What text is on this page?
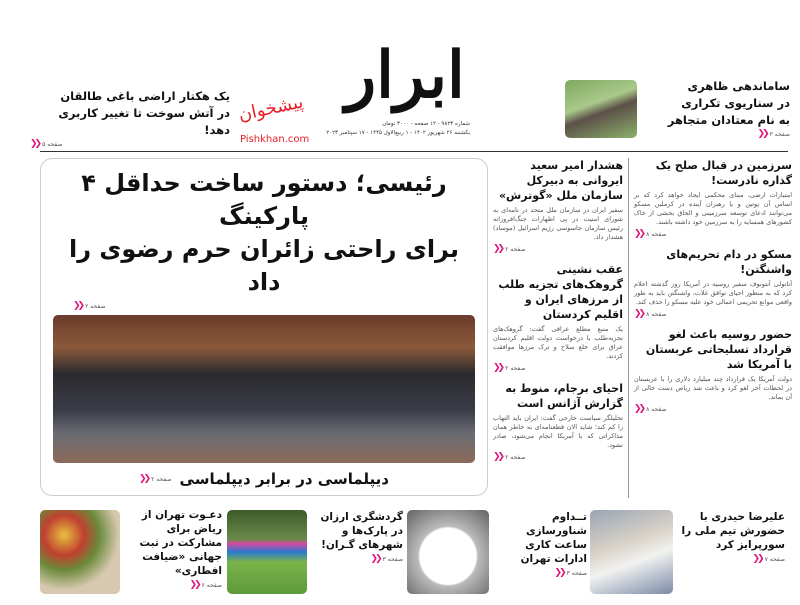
ساماندهی ظاهری
در سناریوی تکراری
به نام معتادان متجاهر
صفحه ۳
❮❮
ابرار
شماره ۹۸۲۳ - ۱۲ صفحه - ۳۰۰۰ تومان
یکشنبه ۲۶ شهریور ۱۴۰۲ - ۱ ربیع‌الاول ۱۴۴۵ - ۱۷ سپتامبر ۲۰۲۳
پیشخوان
Pishkhan.com
یک هکتار اراضی باغی طالقان
در آتش سوخت تا تغییر کاربری دهد!
❯❯ صفحه ۵
رئیسی؛ دستور ساخت حداقل ۴ پارکینگ
برای راحتی زائران حرم رضوی را داد
❯❯ صفحه ۲
دیپلماسی در برابر دیپلماسی
❯❯ صفحه ۲
هشدار امیر سعید ایروانی به دبیرکل سازمان ملل «گوترش»
سفیر ایران در سازمان ملل متحد در نامه‌ای به شورای امنیت در پی اظهارات جنگ‌افروزانه رئیس سازمان جاسوسی رژیم اسرائیل (موساد) هشدار داد.
❯❯ صفحه ۲
عقب نشینی گروهک‌های تجزیه طلب از مرزهای ایران و اقلیم کردستان
یک منبع مطلع عراقی گفت: گروهک‌های تجزیه‌طلب با درخواست دولت اقلیم کردستان عراق برای خلع سلاح و ترک مرزها موافقت کردند.
❯❯ صفحه ۲
احیای برجام، منوط به گزارش آژانس است
تحلیلگر سیاست خارجی گفت: ایران باید التهاب را کم کند؛ شاید الان قطعنامه‌ای به خاطر همان مذاکراتی که با آمریکا انجام می‌شود، صادر نشود.
❯❯ صفحه ۲
سرزمین در قبال صلح یک گذاره نادرست!
امتیازات ارضی، مبنای محکمی ایجاد خواهد کرد که بر اساس آن پوتین و یا رهبران آینده در کرملین مسکو می‌توانند ادعای توسعه سرزمینی و الحاق بخشی از خاک کشورهای همسایه را به سرزمین خود داشته باشند.
❯❯ صفحه ۸
مسکو در دام تحریم‌های واشنگتن!
آناتولی آنتونوف سفیر روسیه در آمریکا روز گذشته اعلام کرد که به منظور احیای توافق غلات، واشنگتن باید به طور واقعی موانع تحریمی اعمالی خود علیه مسکو را حذف کند.
❯❯ صفحه ۸
حضور روسیه باعث لغو قرارداد تسلیحاتی عربستان با آمریکا شد
دولت آمریکا یک قرارداد چند میلیارد دلاری را با عربستان در لحظات آخر لغو کرد و باعث شد ریاض دست خالی از آن بماند.
❯❯ صفحه ۸
علیرضا حیدری با حضورش تیم ملی را سورپرایز کرد
❯❯ صفحه ۷
تــداوم شناورسازی ساعت کاری ادارات تهران
❯❯ صفحه ۳
گردشگری ارزان در پارک‌ها و شهرهای گـران!
❯❯ صفحه ۳
دعـوت تهران از ریاض برای مشارکت در ثبت جهانی «ضیافت افطاری»
❯❯ صفحه ۶
